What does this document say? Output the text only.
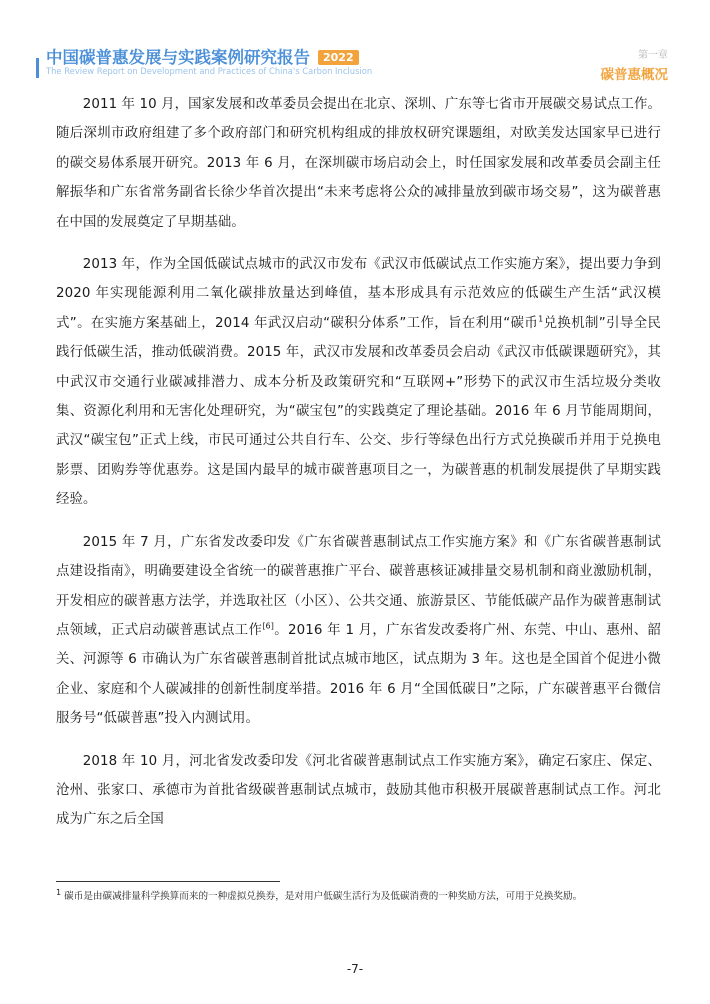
中国碳普惠发展与实践案例研究报告 2022
The Review Report on Development and Practices of China's Carbon Inclusion
第一章
碳普惠概况

2011 年 10 月，国家发展和改革委员会提出在北京、深圳、广东等七省市开展碳交易试点工作。随后深圳市政府组建了多个政府部门和研究机构组成的排放权研究课题组，对欧美发达国家早已进行的碳交易体系展开研究。2013 年 6 月，在深圳碳市场启动会上，时任国家发展和改革委员会副主任解振华和广东省常务副省长徐少华首次提出“未来考虑将公众的减排量放到碳市场交易”，这为碳普惠在中国的发展奠定了早期基础。

2013 年，作为全国低碳试点城市的武汉市发布《武汉市低碳试点工作实施方案》，提出要力争到 2020 年实现能源利用二氧化碳排放量达到峰值，基本形成具有示范效应的低碳生产生活“武汉模式”。在实施方案基础上，2014 年武汉启动“碳积分体系”工作，旨在利用“碳币$^1$兑换机制”引导全民践行低碳生活，推动低碳消费。2015 年，武汉市发展和改革委员会启动《武汉市低碳课题研究》，其中武汉市交通行业碳减排潜力、成本分析及政策研究和“互联网+”形势下的武汉市生活垃圾分类收集、资源化利用和无害化处理研究，为“碳宝包”的实践奠定了理论基础。2016 年 6 月节能周期间，武汉“碳宝包”正式上线，市民可通过公共自行车、公交、步行等绿色出行方式兑换碳币并用于兑换电影票、团购券等优惠券。这是国内最早的城市碳普惠项目之一，为碳普惠的机制发展提供了早期实践经验。

2015 年 7 月，广东省发改委印发《广东省碳普惠制试点工作实施方案》和《广东省碳普惠制试点建设指南》，明确要建设全省统一的碳普惠推广平台、碳普惠核证减排量交易机制和商业激励机制，开发相应的碳普惠方法学，并选取社区（小区）、公共交通、旅游景区、节能低碳产品作为碳普惠制试点领域，正式启动碳普惠试点工作[6]。2016 年 1 月，广东省发改委将广州、东莞、中山、惠州、韶关、河源等 6 市确认为广东省碳普惠制首批试点城市地区，试点期为 3 年。这也是全国首个促进小微企业、家庭和个人碳减排的创新性制度举措。2016 年 6 月“全国低碳日”之际，广东碳普惠平台微信服务号“低碳普惠”投入内测试用。

2018 年 10 月，河北省发改委印发《河北省碳普惠制试点工作实施方案》，确定石家庄、保定、沧州、张家口、承德市为首批省级碳普惠制试点城市，鼓励其他市积极开展碳普惠制试点工作。河北成为广东之后全国

$^1$ 碳币是由碳减排量科学换算而来的一种虚拟兑换券，是对用户低碳生活行为及低碳消费的一种奖励方法，可用于兑换奖励。
-7-
